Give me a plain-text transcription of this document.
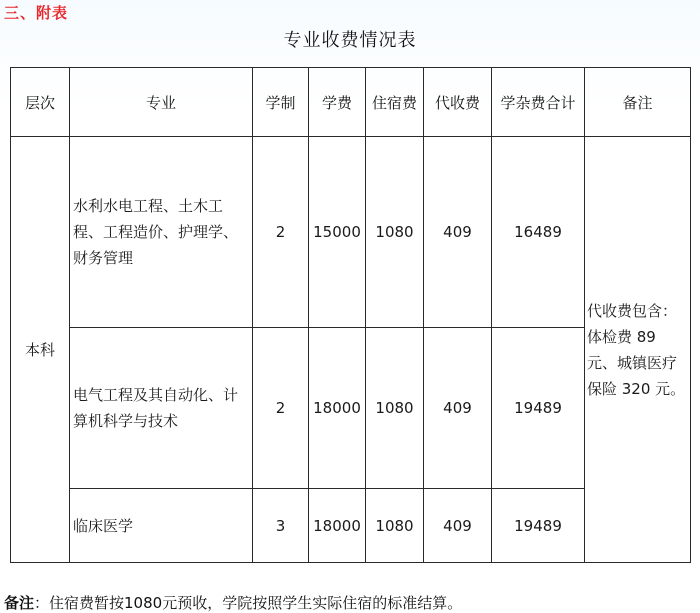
三、附表
专业收费情况表
层次	专业	学制	学费	住宿费	代收费	学杂费合计	备注
本科	水利水电工程、土木工程、工程造价、护理学、财务管理	2	15000	1080	409	16489	代收费包含：体检费 89 元、城镇医疗保险 320 元。
	电气工程及其自动化、计算机科学与技术	2	18000	1080	409	19489	
	临床医学	3	18000	1080	409	19489	
备注：住宿费暂按1080元预收，学院按照学生实际住宿的标准结算。
